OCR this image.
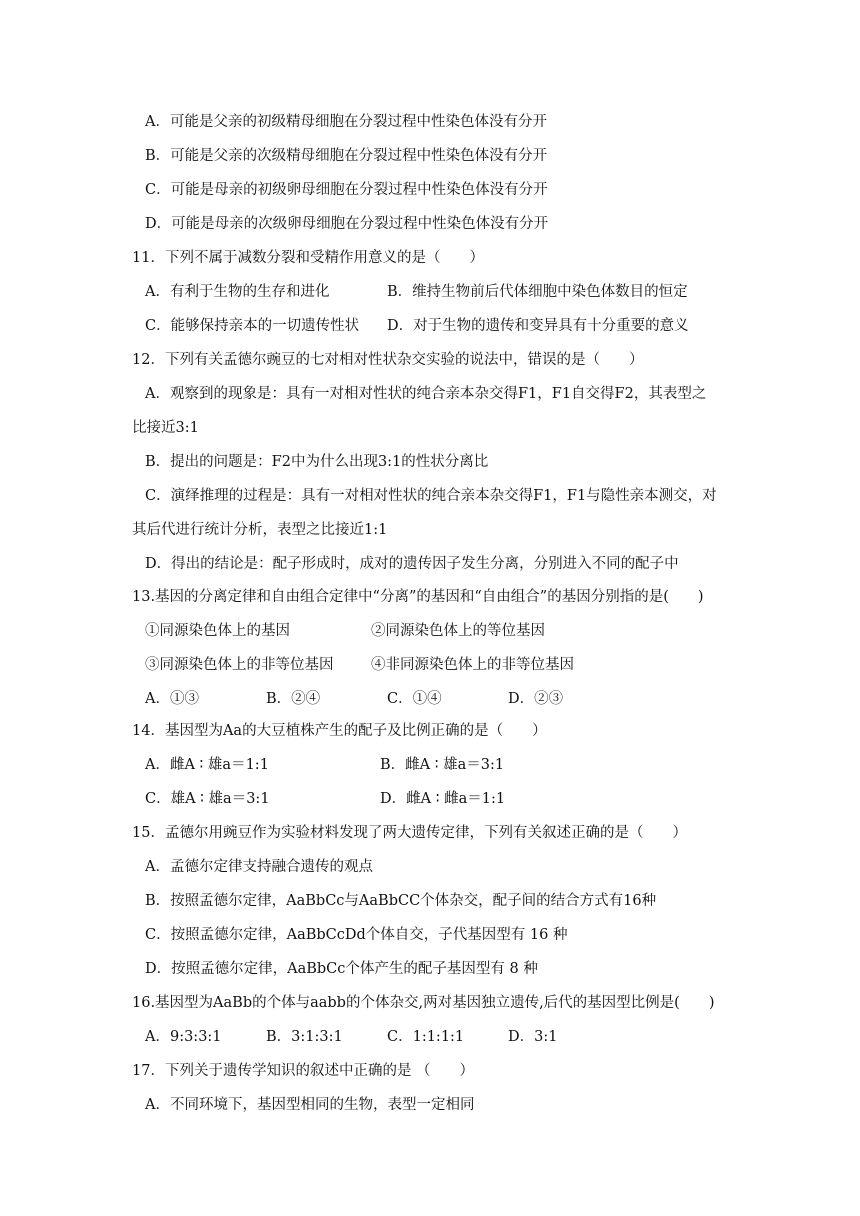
A．可能是父亲的初级精母细胞在分裂过程中性染色体没有分开
B．可能是父亲的次级精母细胞在分裂过程中性染色体没有分开
C．可能是母亲的初级卵母细胞在分裂过程中性染色体没有分开
D．可能是母亲的次级卵母细胞在分裂过程中性染色体没有分开
11．下列不属于减数分裂和受精作用意义的是（　　）
A．有利于生物的生存和进化	B．维持生物前后代体细胞中染色体数目的恒定
C．能够保持亲本的一切遗传性状 D．对于生物的遗传和变异具有十分重要的意义
12．下列有关孟德尔豌豆的七对相对性状杂交实验的说法中，错误的是（　　）
A．观察到的现象是：具有一对相对性状的纯合亲本杂交得F1，F1自交得F2，其表型之
比接近3:1
B．提出的问题是：F2中为什么出现3:1的性状分离比
C．演绎推理的过程是：具有一对相对性状的纯合亲本杂交得F1，F1与隐性亲本测交，对
其后代进行统计分析，表型之比接近1:1
D．得出的结论是：配子形成时，成对的遗传因子发生分离，分别进入不同的配子中
13.基因的分离定律和自由组合定律中“分离”的基因和“自由组合”的基因分别指的是(　　)
①同源染色体上的基因	②同源染色体上的等位基因
③同源染色体上的非等位基因	④非同源染色体上的非等位基因
A．①③	B．②④	C．①④	D．②③
14．基因型为Aa的大豆植株产生的配子及比例正确的是（　　）
A．雌A ∶ 雄a＝1:1	B．雌A ∶ 雄a＝3:1
C．雄A ∶ 雄a＝3:1	D．雌A ∶ 雌a＝1:1
15．孟德尔用豌豆作为实验材料发现了两大遗传定律，下列有关叙述正确的是（　　）
A．孟德尔定律支持融合遗传的观点
B．按照孟德尔定律，AaBbCc与AaBbCC个体杂交，配子间的结合方式有16种
C．按照孟德尔定律，AaBbCcDd个体自交，子代基因型有 16 种
D．按照孟德尔定律，AaBbCc个体产生的配子基因型有 8 种
16.基因型为AaBb的个体与aabb的个体杂交,两对基因独立遗传,后代的基因型比例是(　　)
A．9:3:3:1	B．3:1:3:1	C．1:1:1:1	D．3:1
17．下列关于遗传学知识的叙述中正确的是 （　　）
A．不同环境下，基因型相同的生物，表型一定相同
